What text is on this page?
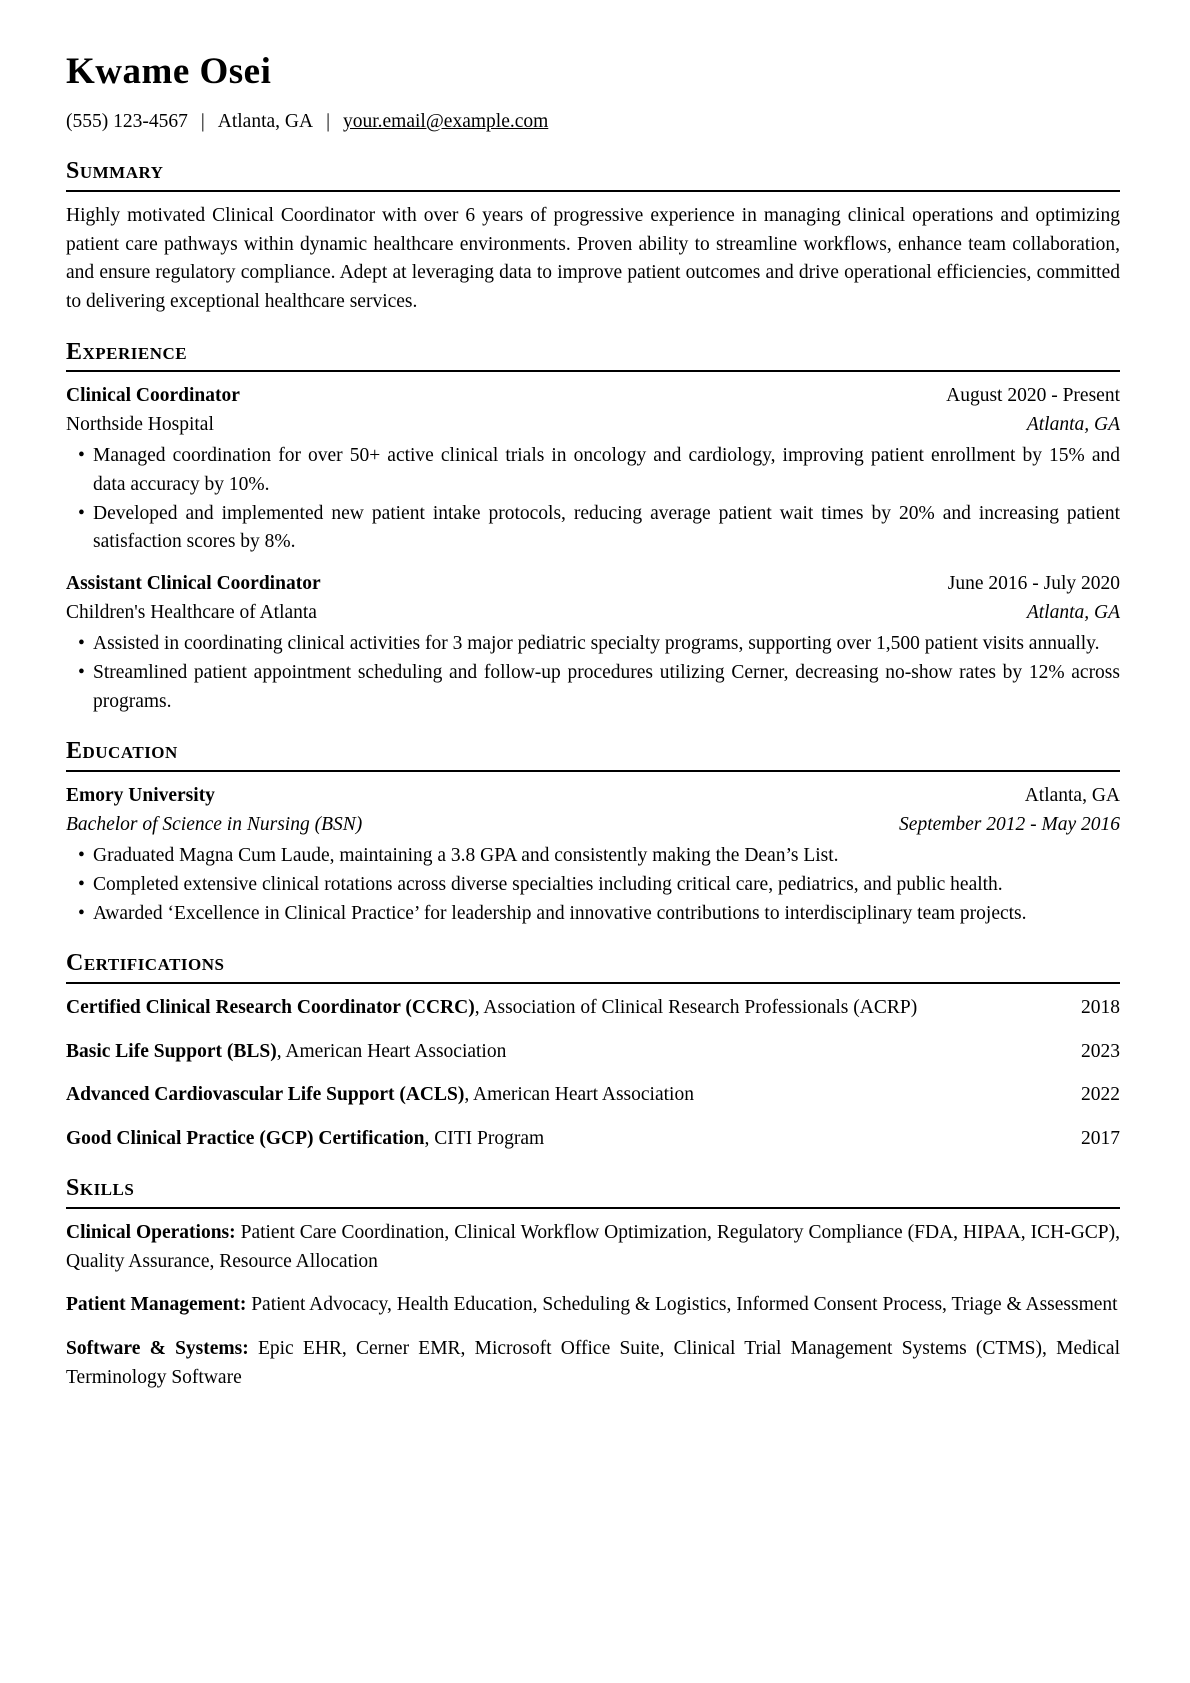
Kwame Osei
(555) 123-4567 | Atlanta, GA | your.email@example.com
Summary

Highly motivated Clinical Coordinator with over 6 years of progressive experience in managing clinical operations and optimizing patient care pathways within dynamic healthcare environments. Proven ability to streamline workflows, enhance team collaboration, and ensure regulatory compliance. Adept at leveraging data to improve patient outcomes and drive operational efficiencies, committed to delivering exceptional healthcare services.

Experience
Clinical Coordinator	August 2020 - Present
Northside Hospital	Atlanta, GA
• Managed coordination for over 50+ active clinical trials in oncology and cardiology, improving patient enrollment by 15% and data accuracy by 10%.
• Developed and implemented new patient intake protocols, reducing average patient wait times by 20% and increasing patient satisfaction scores by 8%.
Assistant Clinical Coordinator	June 2016 - July 2020
Children's Healthcare of Atlanta	Atlanta, GA
• Assisted in coordinating clinical activities for 3 major pediatric specialty programs, supporting over 1,500 patient visits annually.
• Streamlined patient appointment scheduling and follow-up procedures utilizing Cerner, decreasing no-show rates by 12% across programs.
Education
Emory University	Atlanta, GA
Bachelor of Science in Nursing (BSN)	September 2012 - May 2016
• Graduated Magna Cum Laude, maintaining a 3.8 GPA and consistently making the Dean’s List.
• Completed extensive clinical rotations across diverse specialties including critical care, pediatrics, and public health.
• Awarded ‘Excellence in Clinical Practice’ for leadership and innovative contributions to interdisciplinary team projects.
Certifications
Certified Clinical Research Coordinator (CCRC), Association of Clinical Research Professionals (ACRP)	2018
Basic Life Support (BLS), American Heart Association	2023
Advanced Cardiovascular Life Support (ACLS), American Heart Association	2022
Good Clinical Practice (GCP) Certification, CITI Program	2017
Skills

Clinical Operations: Patient Care Coordination, Clinical Workflow Optimization, Regulatory Compliance (FDA, HIPAA, ICH-GCP), Quality Assurance, Resource Allocation

Patient Management: Patient Advocacy, Health Education, Scheduling & Logistics, Informed Consent Process, Triage & Assessment

Software & Systems: Epic EHR, Cerner EMR, Microsoft Office Suite, Clinical Trial Management Systems (CTMS), Medical Terminology Software
